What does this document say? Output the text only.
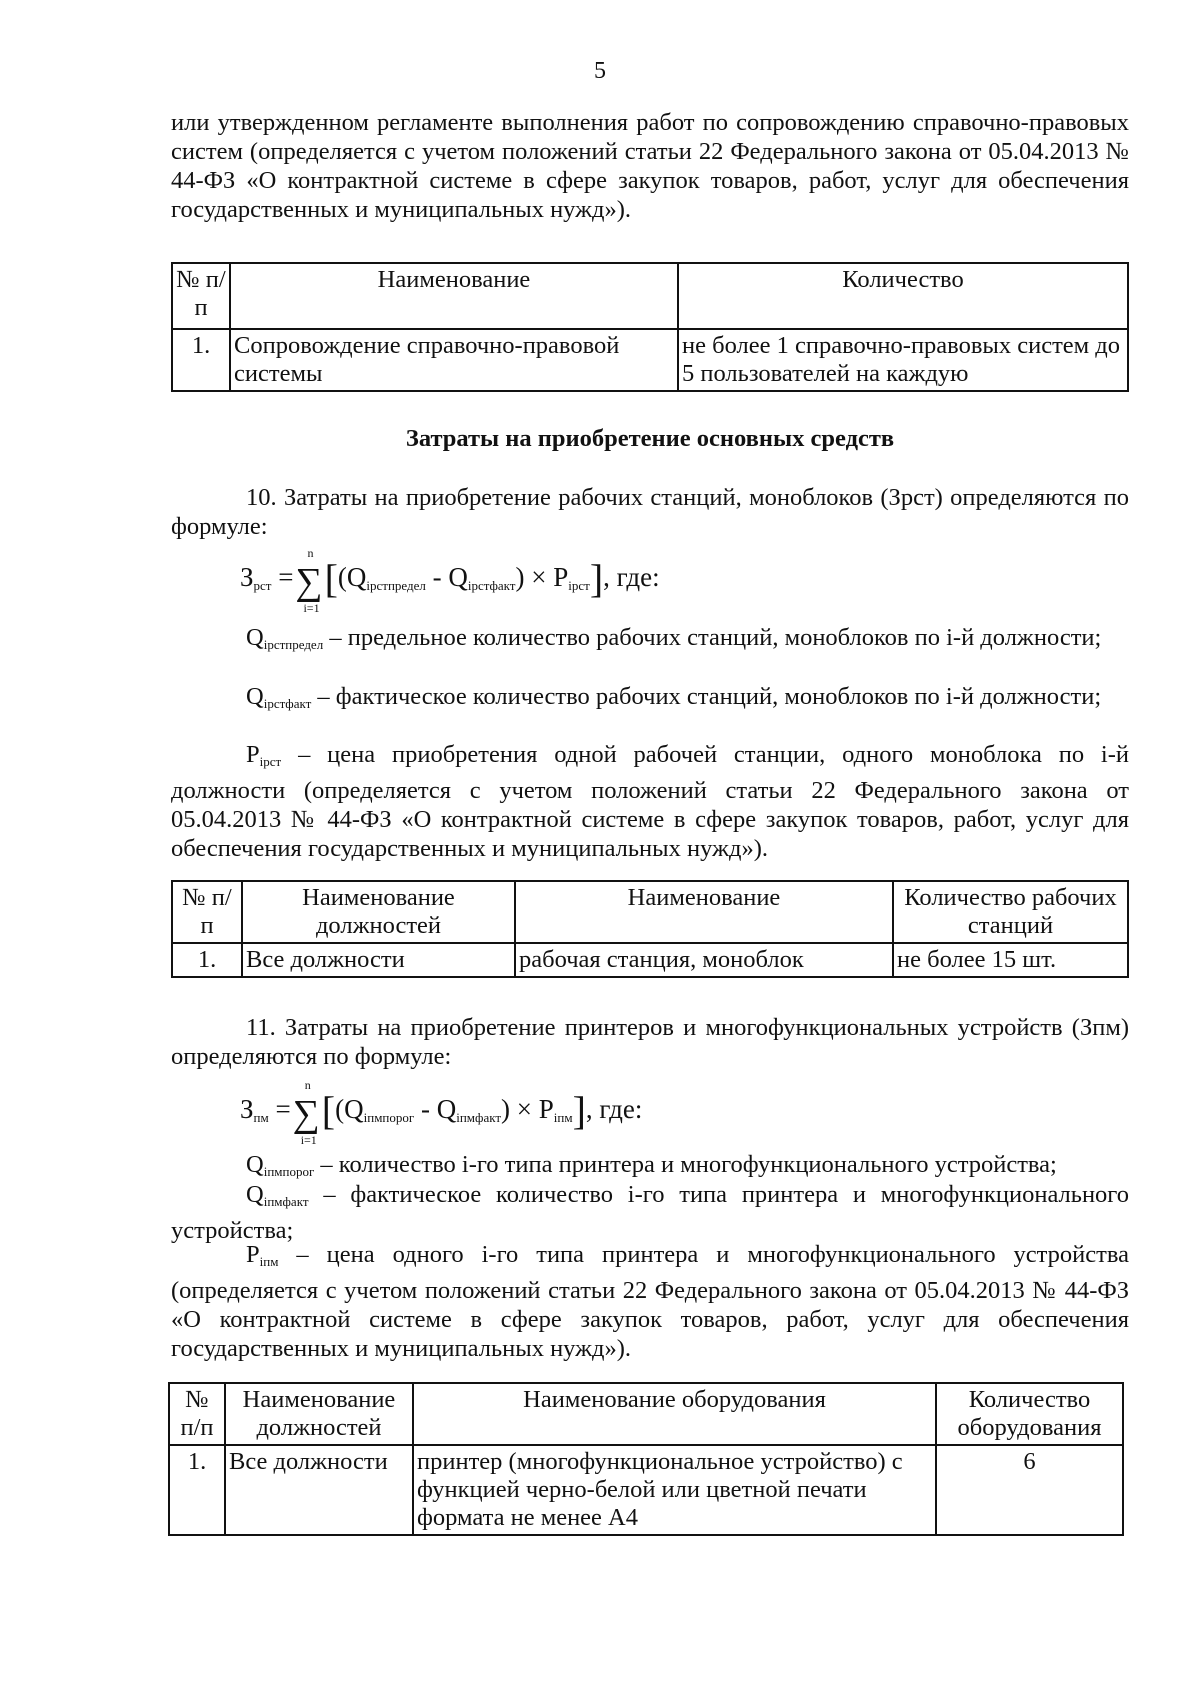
5
или утвержденном регламенте выполнения работ по сопровождению справочно-правовых систем (определяется с учетом положений статьи 22 Федерального закона от 05.04.2013 № 44-ФЗ «О контрактной системе в сфере закупок товаров, работ, услуг для обеспечения государственных и муниципальных нужд»).
№ п/п	Наименование	Количество
1.	Сопровождение справочно-правовой системы	не более 1 справочно-правовых систем до 5 пользователей на каждую
Затраты на приобретение основных средств
10. Затраты на приобретение рабочих станций, моноблоков (Зрст) определяются по формуле:
$З_{рст}$ =∑
n
i=1
$[(Q_{iрстпредел} - Q_{iрстфакт}) \times P_{iрст}]$, где:
$Q_{iрстпредел}$ – предельное количество рабочих станций, моноблоков по i-й должности;
$Q_{iрстфакт}$ – фактическое количество рабочих станций, моноблоков по i-й должности;
$P_{iрст}$ – цена приобретения одной рабочей станции, одного моноблока по i-й должности (определяется с учетом положений статьи 22 Федерального закона от 05.04.2013 № 44-ФЗ «О контрактной системе в сфере закупок товаров, работ, услуг для обеспечения государственных и муниципальных нужд»).
№ п/п	Наименование должностей	Наименование	Количество рабочих станций
1.	Все должности	рабочая станция, моноблок	не более 15 шт.
11. Затраты на приобретение принтеров и многофункциональных устройств (Зпм) определяются по формуле:
$З_{пм}$ =∑
n
i=1
$[(Q_{iпмпорог} - Q_{iпмфакт}) \times P_{iпм}]$, где:
$Q_{iпмпорог}$ – количество i-го типа принтера и многофункционального устройства;
$Q_{iпмфакт}$ – фактическое количество i-го типа принтера и многофункционального устройства;
$P_{iпм}$ – цена одного i-го типа принтера и многофункционального устройства (определяется с учетом положений статьи 22 Федерального закона от 05.04.2013 № 44-ФЗ «О контрактной системе в сфере закупок товаров, работ, услуг для обеспечения государственных и муниципальных нужд»).
№ п/п	Наименование должностей	Наименование оборудования	Количество оборудования
1.	Все должности	принтер (многофункциональное устройство) с функцией черно-белой или цветной печати формата не менее А4	6
